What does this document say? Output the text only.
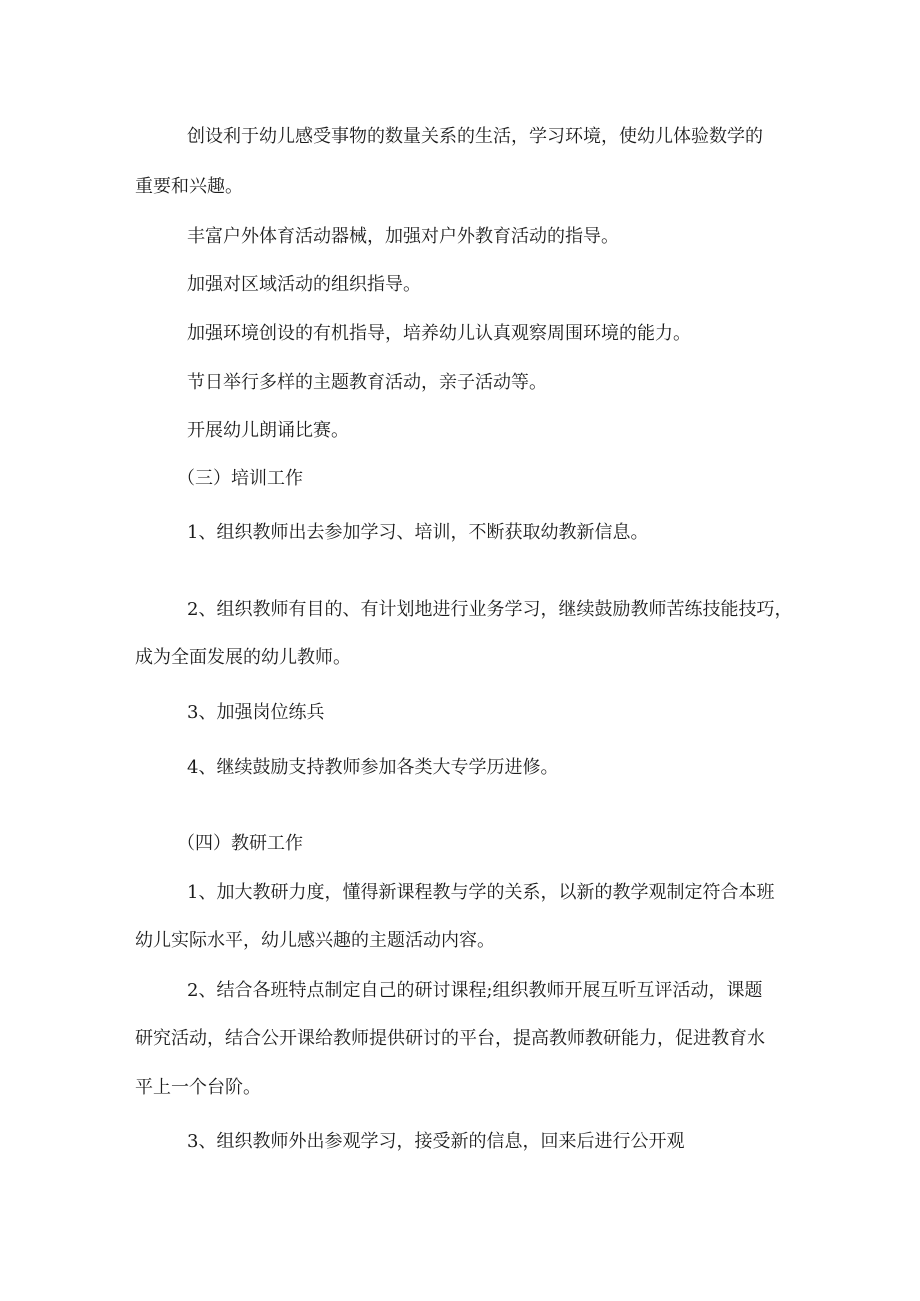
创设利于幼儿感受事物的数量关系的生活，学习环境，使幼儿体验数学的

重要和兴趣。

丰富户外体育活动器械，加强对户外教育活动的指导。

加强对区域活动的组织指导。

加强环境创设的有机指导，培养幼儿认真观察周围环境的能力。

节日举行多样的主题教育活动，亲子活动等。

开展幼儿朗诵比赛。

（三）培训工作

1、组织教师出去参加学习、培训，不断获取幼教新信息。

2、组织教师有目的、有计划地进行业务学习，继续鼓励教师苦练技能技巧，

成为全面发展的幼儿教师。

3、加强岗位练兵

4、继续鼓励支持教师参加各类大专学历进修。

（四）教研工作

1、加大教研力度，懂得新课程教与学的关系，以新的教学观制定符合本班

幼儿实际水平，幼儿感兴趣的主题活动内容。

2、结合各班特点制定自己的研讨课程;组织教师开展互听互评活动，课题

研究活动，结合公开课给教师提供研讨的平台，提高教师教研能力，促进教育水

平上一个台阶。

3、组织教师外出参观学习，接受新的信息，回来后进行公开观
